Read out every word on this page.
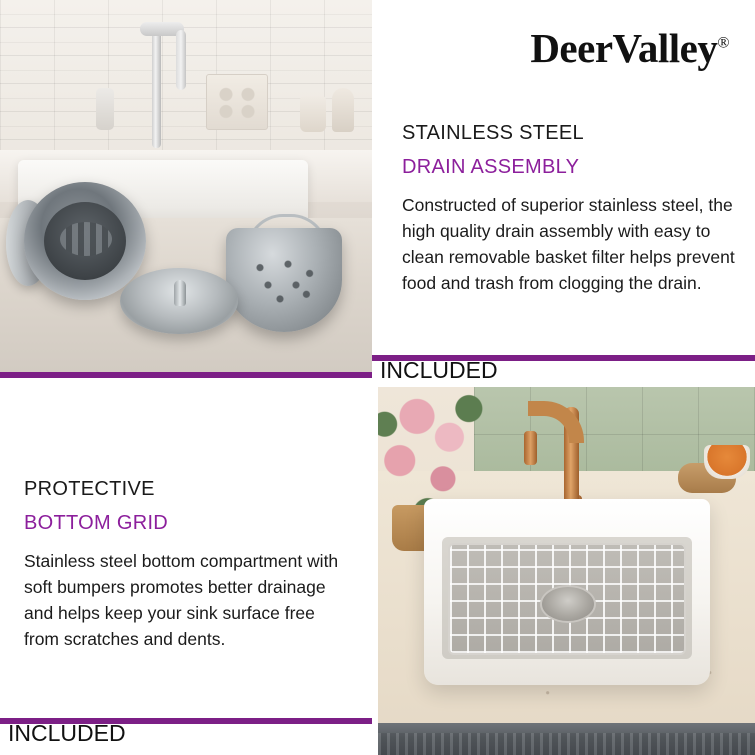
DeerValley®
STAINLESS STEEL
DRAIN ASSEMBLY
Constructed of superior stainless steel, the high quality drain assembly with easy to clean removable basket filter helps prevent food and trash from clogging the drain.
INCLUDED
PROTECTIVE
BOTTOM GRID
Stainless steel bottom compartment with soft bumpers promotes better drainage and helps keep your sink surface free from scratches and dents.
INCLUDED
